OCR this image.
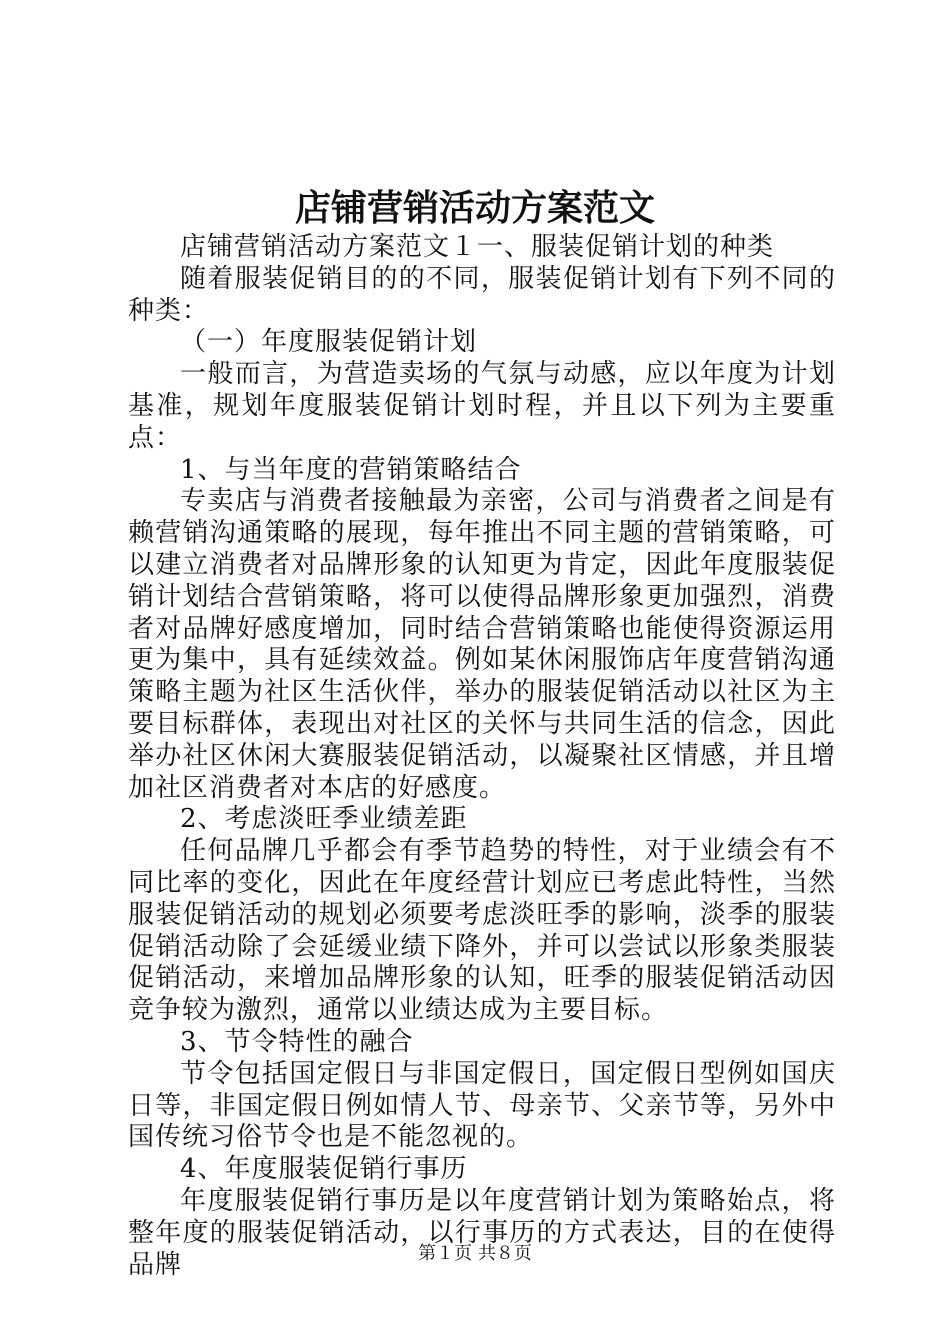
店铺营销活动方案范文

店铺营销活动方案范文１一、服装促销计划的种类

随着服装促销目的的不同，服装促销计划有下列不同的种类：

（一）年度服装促销计划

一般而言，为营造卖场的气氛与动感，应以年度为计划基准，规划年度服装促销计划时程，并且以下列为主要重点：

1、与当年度的营销策略结合

专卖店与消费者接触最为亲密，公司与消费者之间是有赖营销沟通策略的展现，每年推出不同主题的营销策略，可以建立消费者对品牌形象的认知更为肯定，因此年度服装促销计划结合营销策略，将可以使得品牌形象更加强烈，消费者对品牌好感度增加，同时结合营销策略也能使得资源运用更为集中，具有延续效益。例如某休闲服饰店年度营销沟通策略主题为社区生活伙伴，举办的服装促销活动以社区为主要目标群体，表现出对社区的关怀与共同生活的信念，因此举办社区休闲大赛服装促销活动，以凝聚社区情感，并且增加社区消费者对本店的好感度。

2、考虑淡旺季业绩差距

任何品牌几乎都会有季节趋势的特性，对于业绩会有不同比率的变化，因此在年度经营计划应已考虑此特性，当然服装促销活动的规划必须要考虑淡旺季的影响，淡季的服装促销活动除了会延缓业绩下降外，并可以尝试以形象类服装促销活动，来增加品牌形象的认知，旺季的服装促销活动因竞争较为激烈，通常以业绩达成为主要目标。

3、节令特性的融合

节令包括国定假日与非国定假日，国定假日型例如国庆日等，非国定假日例如情人节、母亲节、父亲节等，另外中国传统习俗节令也是不能忽视的。

4、年度服装促销行事历

年度服装促销行事历是以年度营销计划为策略始点，将整年度的服装促销活动，以行事历的方式表达，目的在使得品牌	第１页 共８页
